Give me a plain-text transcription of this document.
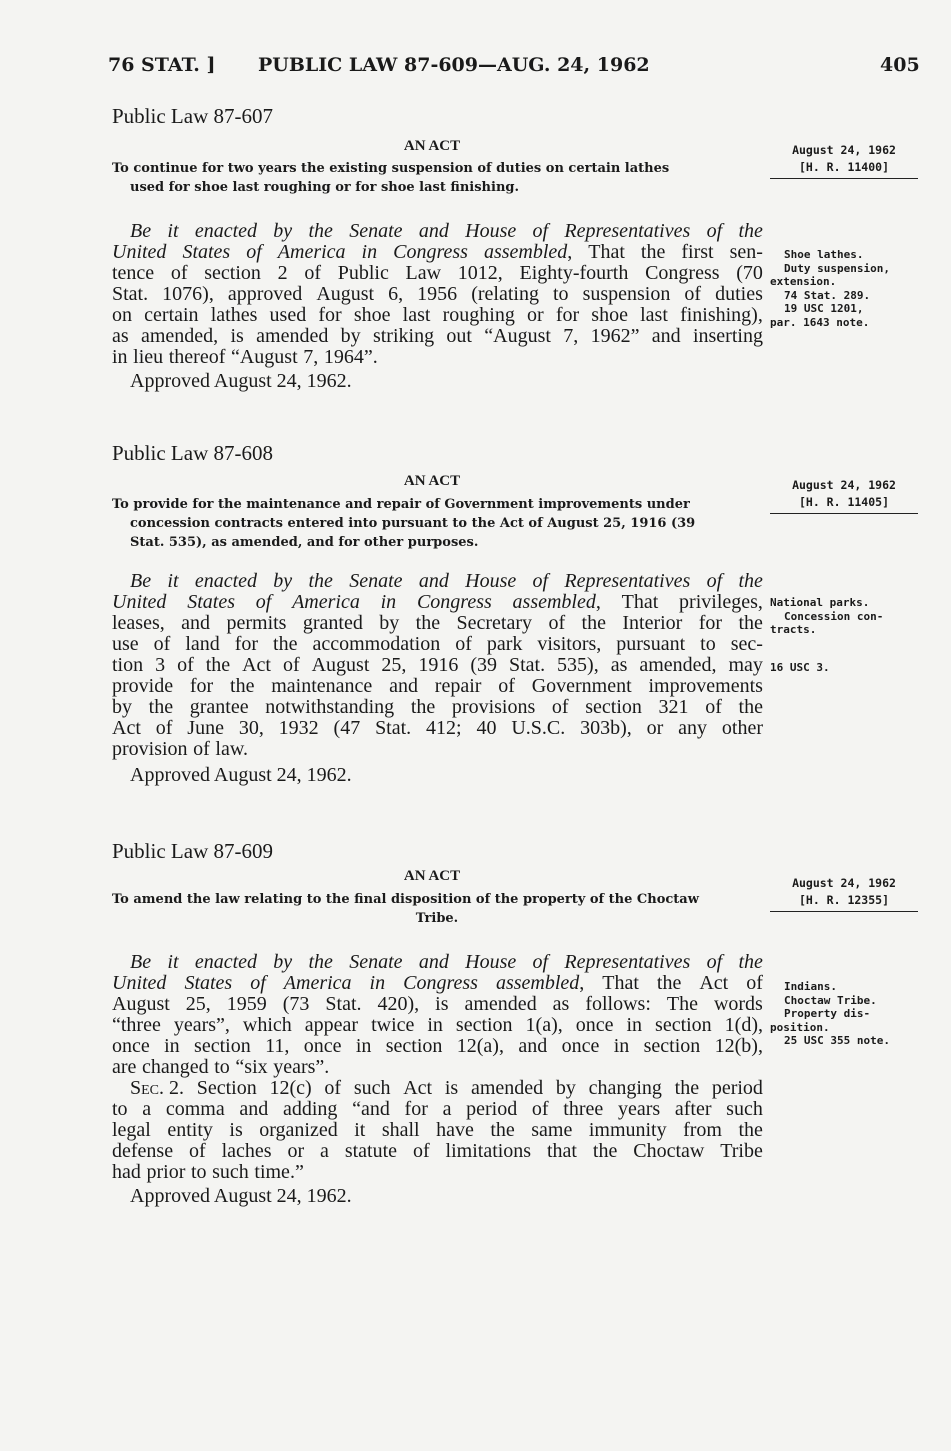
76 STAT. ] PUBLIC LAW 87-609—AUG. 24, 1962	405
Public Law 87-607
AN ACT
To continue for two years the existing suspension of duties on certain lathes
used for shoe last roughing or for shoe last finishing.
Be it enacted by the Senate and House of Representatives of the
United States of America in Congress assembled, That the first sen-
tence of section 2 of Public Law 1012, Eighty-fourth Congress (70
Stat. 1076), approved August 6, 1956 (relating to suspension of duties
on certain lathes used for shoe last roughing or for shoe last finishing),
as amended, is amended by striking out “August 7, 1962” and inserting
in lieu thereof “August 7, 1964”.
Approved August 24, 1962.
August 24, 1962
[H. R. 11400]
Shoe lathes.
Duty suspension,
extension.
74 Stat. 289.
19 USC 1201,
par. 1643 note.
Public Law 87-608
AN ACT
To provide for the maintenance and repair of Government improvements under
concession contracts entered into pursuant to the Act of August 25, 1916 (39
Stat. 535), as amended, and for other purposes.
Be it enacted by the Senate and House of Representatives of the
United States of America in Congress assembled, That privileges,
leases, and permits granted by the Secretary of the Interior for the
use of land for the accommodation of park visitors, pursuant to sec-
tion 3 of the Act of August 25, 1916 (39 Stat. 535), as amended, may
provide for the maintenance and repair of Government improvements
by the grantee notwithstanding the provisions of section 321 of the
Act of June 30, 1932 (47 Stat. 412; 40 U.S.C. 303b), or any other
provision of law.
Approved August 24, 1962.
August 24, 1962
[H. R. 11405]
National parks.
Concession con-
tracts.
16 USC 3.
Public Law 87-609
AN ACT
To amend the law relating to the final disposition of the property of the Choctaw
Tribe.
Be it enacted by the Senate and House of Representatives of the
United States of America in Congress assembled, That the Act of
August 25, 1959 (73 Stat. 420), is amended as follows: The words
“three years”, which appear twice in section 1(a), once in section 1(d),
once in section 11, once in section 12(a), and once in section 12(b),
are changed to “six years”.
Sec. 2. Section 12(c) of such Act is amended by changing the period
to a comma and adding “and for a period of three years after such
legal entity is organized it shall have the same immunity from the
defense of laches or a statute of limitations that the Choctaw Tribe
had prior to such time.”
Approved August 24, 1962.
August 24, 1962
[H. R. 12355]
Indians.
Choctaw Tribe.
Property dis-
position.
25 USC 355 note.
